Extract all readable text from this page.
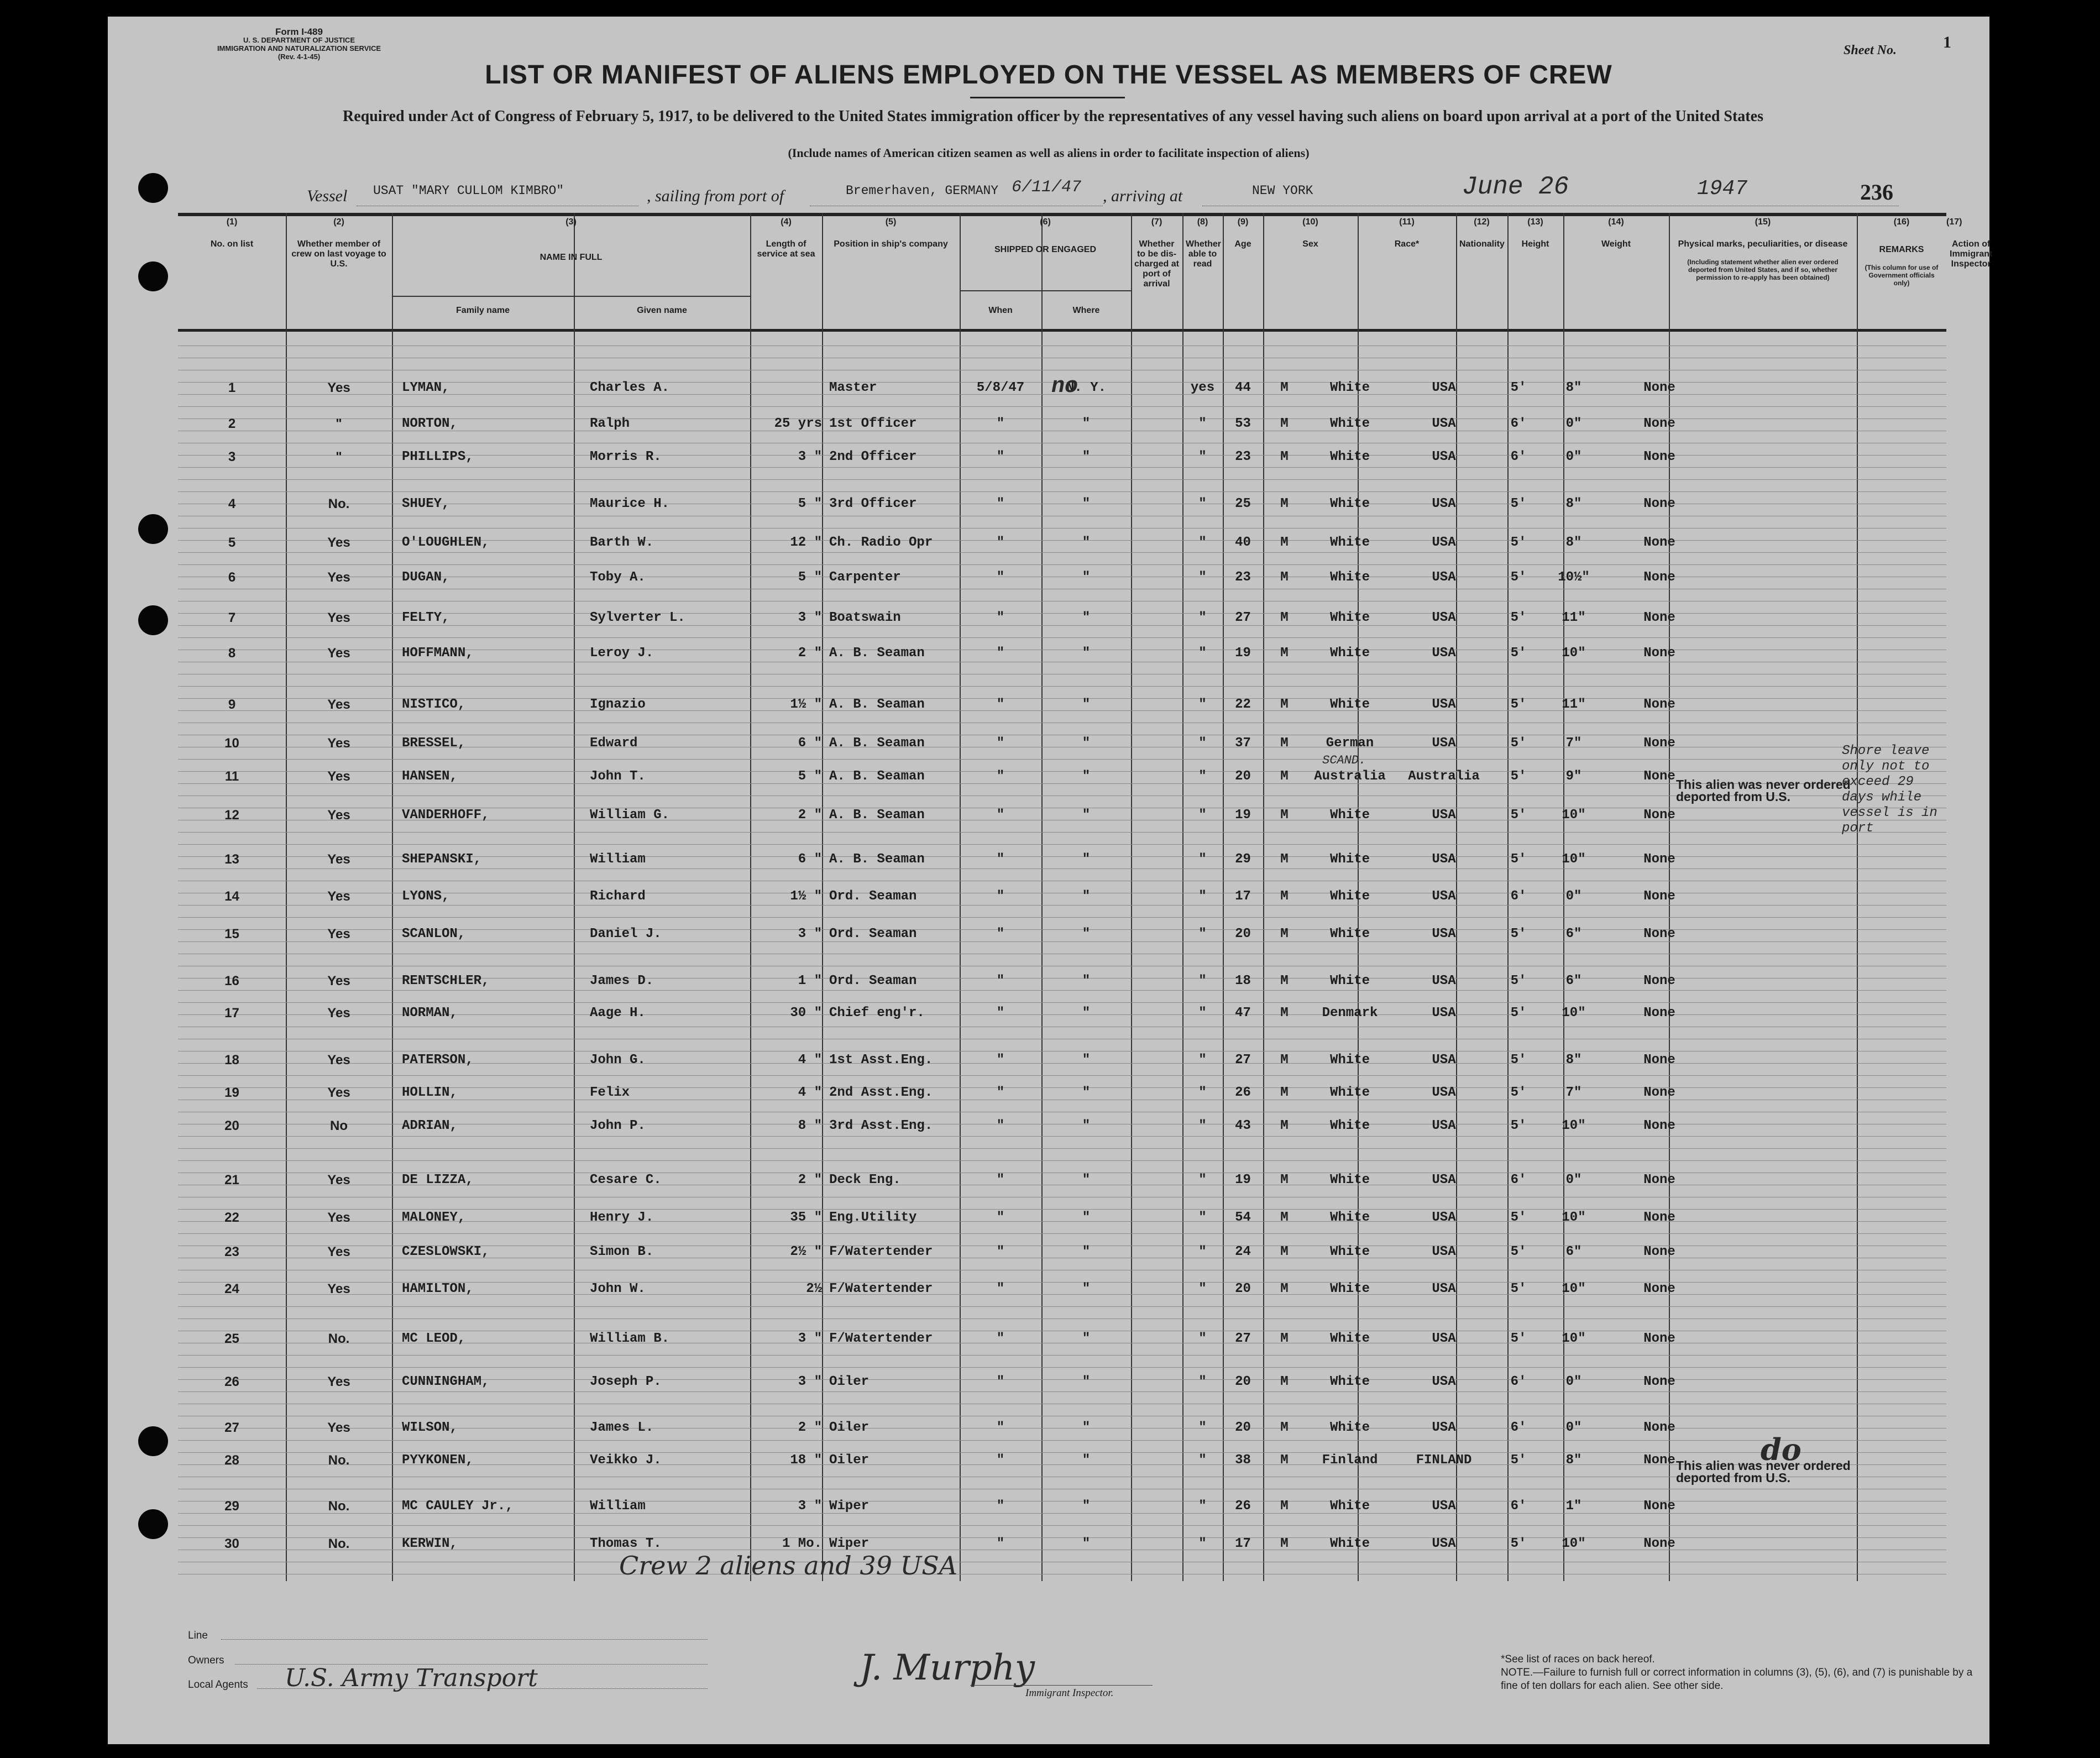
Form I-489
U. S. DEPARTMENT OF JUSTICE
IMMIGRATION AND NATURALIZATION SERVICE
(Rev. 4-1-45)	Sheet No.	1
LIST OR MANIFEST OF ALIENS EMPLOYED ON THE VESSEL AS MEMBERS OF CREW
Required under Act of Congress of February 5, 1917, to be delivered to the United States immigration officer by the representatives of any vessel having such aliens on board upon arrival at a port of the United States
(Include names of American citizen seamen as well as aliens in order to facilitate inspection of aliens)
Vessel USAT "MARY CULLOM KIMBRO"	, sailing from port of	Bremerhaven, GERMANY 6/11/47 , arriving at	NEW YORK	June 26	1947	236
(1)
No. on list
(2)
Whether member of crew on last voyage to U.S.
(3)
NAME IN FULL
(4)
Length of service at sea
(5)
Position in ship's company
(6)
SHIPPED OR ENGAGED
(7)
Whether to be dis-charged at port of arrival
(8)
Whether able to read
(9)
Age
(10)
Sex
(11)
Race*
(12)
Nationality
(13)
Height
(14)
Weight
(15)
Physical marks, peculiarities, or disease
(16)
REMARKS
(17)
Action of Immigrant Inspector
Family name	Given name	When	Where
(Including statement whether alien ever ordered deported from United States, and if so, whether permission to re-apply has been obtained)
(This column for use of Government officials only)
1	Yes	LYMAN,	Charles A.	Master	5/8/47	N. Y.	yes	44	M	White	USA	5'	8"	None
2	"	NORTON,	Ralph	25 yrs 1st Officer	"	"	"	53	M	White	USA	6'	0"	None
3	"	PHILLIPS,	Morris R.	3 " 2nd Officer	"	"	"	23	M	White	USA	6'	0"	None
4	No.	SHUEY,	Maurice H.	5 " 3rd Officer	"	"	"	25	M	White	USA	5'	8"	None
5	Yes	O'LOUGHLEN,	Barth W.	12 " Ch. Radio Opr	"	"	"	40	M	White	USA	5'	8"	None
6	Yes	DUGAN,	Toby A.	5 " Carpenter	"	"	"	23	M	White	USA	5'	10½"	None
7	Yes	FELTY,	Sylverter L.	3 " Boatswain	"	"	"	27	M	White	USA	5'	11"	None
8	Yes	HOFFMANN,	Leroy J.	2 " A. B. Seaman	"	"	"	19	M	White	USA	5'	10"	None
9	Yes	NISTICO,	Ignazio	1½ " A. B. Seaman	"	"	"	22	M	White	USA	5'	11"	None
10	Yes	BRESSEL,	Edward	6 " A. B. Seaman	"	"	"	37	M	German	USA	5'	7"	None
11	Yes	HANSEN,	John T.	5 " A. B. Seaman	"	"	"	20	M	Australia	Australia	5'	9"	None
12	Yes	VANDERHOFF,	William G.	2 " A. B. Seaman	"	"	"	19	M	White	USA	5'	10"	None
13	Yes	SHEPANSKI,	William	6 " A. B. Seaman	"	"	"	29	M	White	USA	5'	10"	None
14	Yes	LYONS,	Richard	1½ " Ord. Seaman	"	"	"	17	M	White	USA	6'	0"	None
15	Yes	SCANLON,	Daniel J.	3 " Ord. Seaman	"	"	"	20	M	White	USA	5'	6"	None
16	Yes	RENTSCHLER,	James D.	1 " Ord. Seaman	"	"	"	18	M	White	USA	5'	6"	None
17	Yes	NORMAN,	Aage H.	30 " Chief eng'r.	"	"	"	47	M	Denmark	USA	5'	10"	None
18	Yes	PATERSON,	John G.	4 " 1st Asst.Eng.	"	"	"	27	M	White	USA	5'	8"	None
19	Yes	HOLLIN,	Felix	4 " 2nd Asst.Eng.	"	"	"	26	M	White	USA	5'	7"	None
20	No	ADRIAN,	John P.	8 " 3rd Asst.Eng.	"	"	"	43	M	White	USA	5'	10"	None
21	Yes	DE LIZZA,	Cesare C.	2 " Deck Eng.	"	"	"	19	M	White	USA	6'	0"	None
22	Yes	MALONEY,	Henry J.	35 " Eng.Utility	"	"	"	54	M	White	USA	5'	10"	None
23	Yes	CZESLOWSKI,	Simon B.	2½ " F/Watertender	"	"	"	24	M	White	USA	5'	6"	None
24	Yes	HAMILTON,	John W.	2½ F/Watertender	"	"	"	20	M	White	USA	5'	10"	None
25	No.	MC LEOD,	William B.	3 " F/Watertender	"	"	"	27	M	White	USA	5'	10"	None
26	Yes	CUNNINGHAM,	Joseph P.	3 " Oiler	"	"	"	20	M	White	USA	6'	0"	None
27	Yes	WILSON,	James L.	2 " Oiler	"	"	"	20	M	White	USA	6'	0"	None
28	No.	PYYKONEN,	Veikko J.	18 " Oiler	"	"	"	38	M	Finland	FINLAND	5'	8"	None
29	No.	MC CAULEY Jr.,	William	3 " Wiper	"	"	"	26	M	White	USA	6'	1"	None
30	No.	KERWIN,	Thomas T.	1 Mo. Wiper	"	"	"	17	M	White	USA	5'	10"	None
no
This alien was never ordered deported from U.S.
This alien was never ordered deported from U.S.
Shore leave only not to exceed 29 days while vessel is in port
SCAND.
Crew 2 aliens and 39 USA
Line
Owners
Local Agents U.S. Army Transport	J. Murphy
Immigrant Inspector.
*See list of races on back hereof.
NOTE.—Failure to furnish full or correct information in columns (3), (5), (6), and (7) is punishable by a fine of ten dollars for each alien. See other side.
do
